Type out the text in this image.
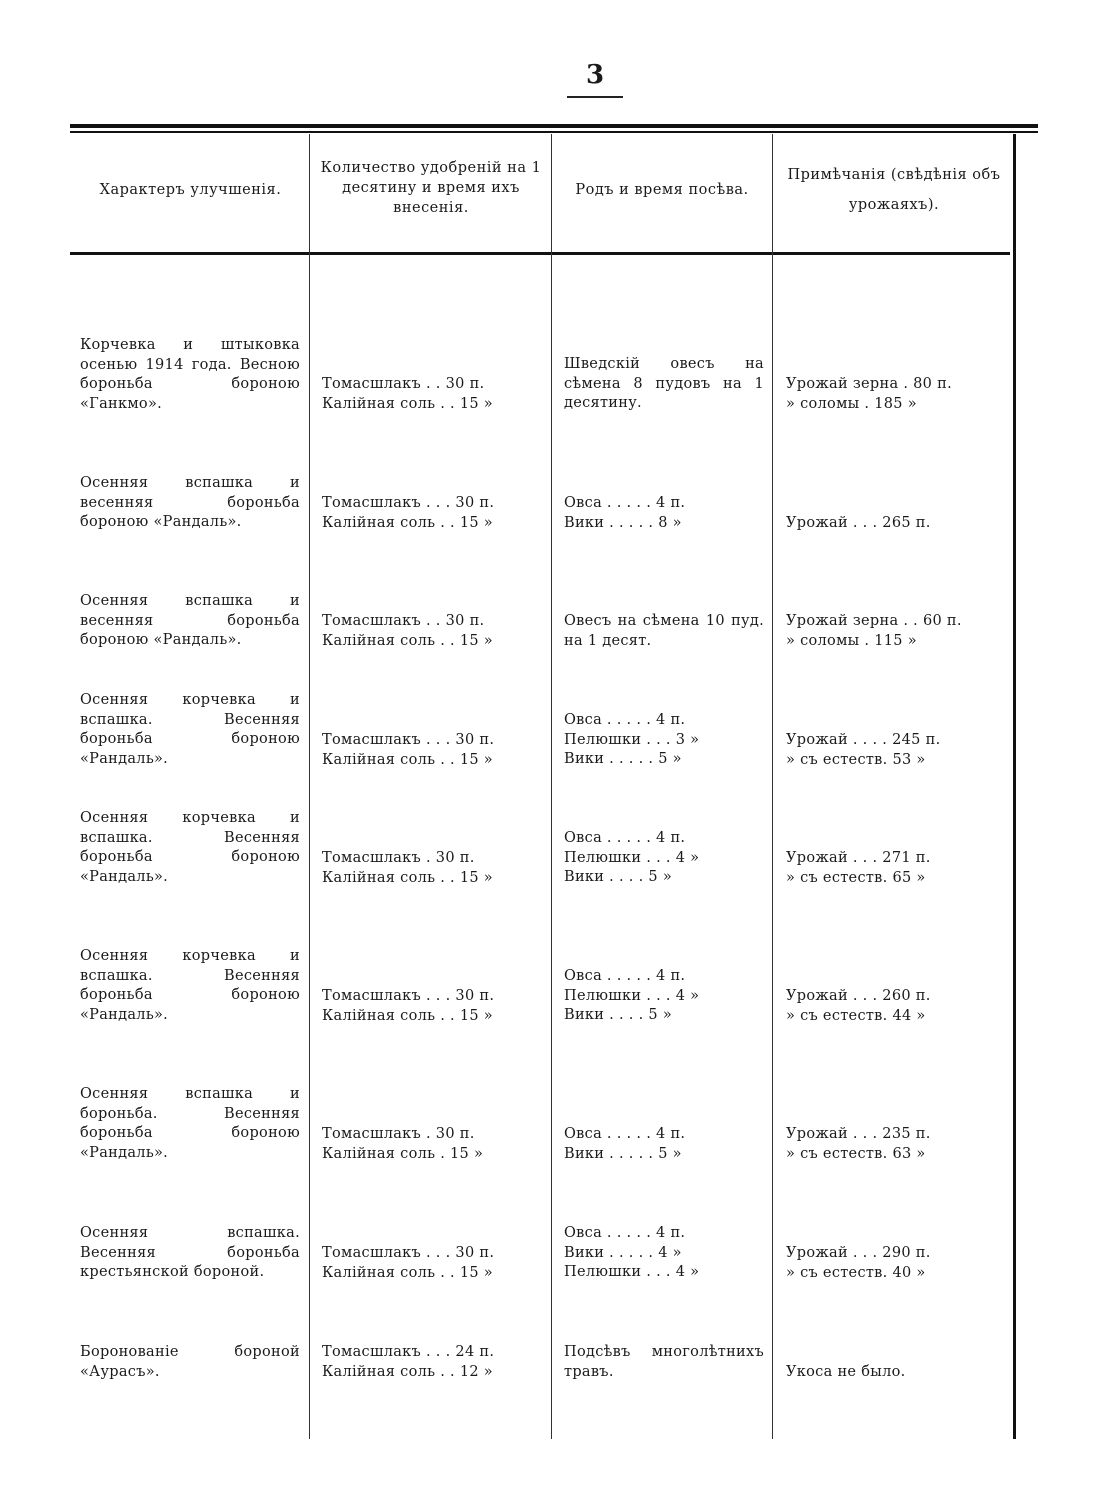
3
Характеръ улучшенія.
Количество удобреній на 1 десятину и время ихъ внесенія.
Родъ и время посѣва.
Примѣчанія (свѣдѣнія объ урожаяхъ).
Корчевка и штыковка осенью 1914 года. Весною бороньба бороною «Ганкмо».
Томасшлакъ . . 30 п.
Калійная соль . . 15 »
Шведскій овесъ на сѣмена 8 пудовъ на 1 десятину.
Урожай зерна . 80 п.
» соломы . 185 »
Осенняя вспашка и весенняя бороньба бороною «Рандаль».
Томасшлакъ . . . 30 п.
Калійная соль . . 15 »
Овса . . . . . 4 п.
Вики . . . . . 8 »	Урожай . . . 265 п.
Осенняя вспашка и весенняя бороньба бороною «Рандаль».
Томасшлакъ . . 30 п.
Калійная соль . . 15 »
Овесъ на сѣмена 10 пуд. на 1 десят.
Урожай зерна . . 60 п.
» соломы . 115 »
Осенняя корчевка и вспашка. Весенняя бороньба бороною «Рандаль».
Томасшлакъ . . . 30 п.
Калійная соль . . 15 »
Овса . . . . . 4 п.
Пелюшки . . . 3 »
Вики . . . . . 5 »
Урожай . . . . 245 п.
» съ естеств. 53 »
Осенняя корчевка и вспашка. Весенняя бороньба бороною «Рандаль».
Томасшлакъ . 30 п.
Калійная соль . . 15 »
Овса . . . . . 4 п.
Пелюшки . . . 4 »
Вики . . . . 5 »
Урожай . . . 271 п.
» съ естеств. 65 »
Осенняя корчевка и вспашка. Весенняя бороньба бороною «Рандаль».
Томасшлакъ . . . 30 п.
Калійная соль . . 15 »
Овса . . . . . 4 п.
Пелюшки . . . 4 »
Вики . . . . 5 »
Урожай . . . 260 п.
» съ естеств. 44 »
Осенняя вспашка и бороньба. Весенняя бороньба бороною «Рандаль».
Томасшлакъ . 30 п.
Калійная соль . 15 »
Овса . . . . . 4 п.
Вики . . . . . 5 »
Урожай . . . 235 п.
» съ естеств. 63 »
Осенняя вспашка. Весенняя бороньба крестьянской бороной.
Томасшлакъ . . . 30 п.
Калійная соль . . 15 »
Овса . . . . . 4 п.
Вики . . . . . 4 »
Пелюшки . . . 4 »
Урожай . . . 290 п.
» съ естеств. 40 »
Боронованіе бороной «Аурасъ».
Томасшлакъ . . . 24 п.
Калійная соль . . 12 »
Подсѣвъ многолѣтнихъ травъ.	Укоса не было.
